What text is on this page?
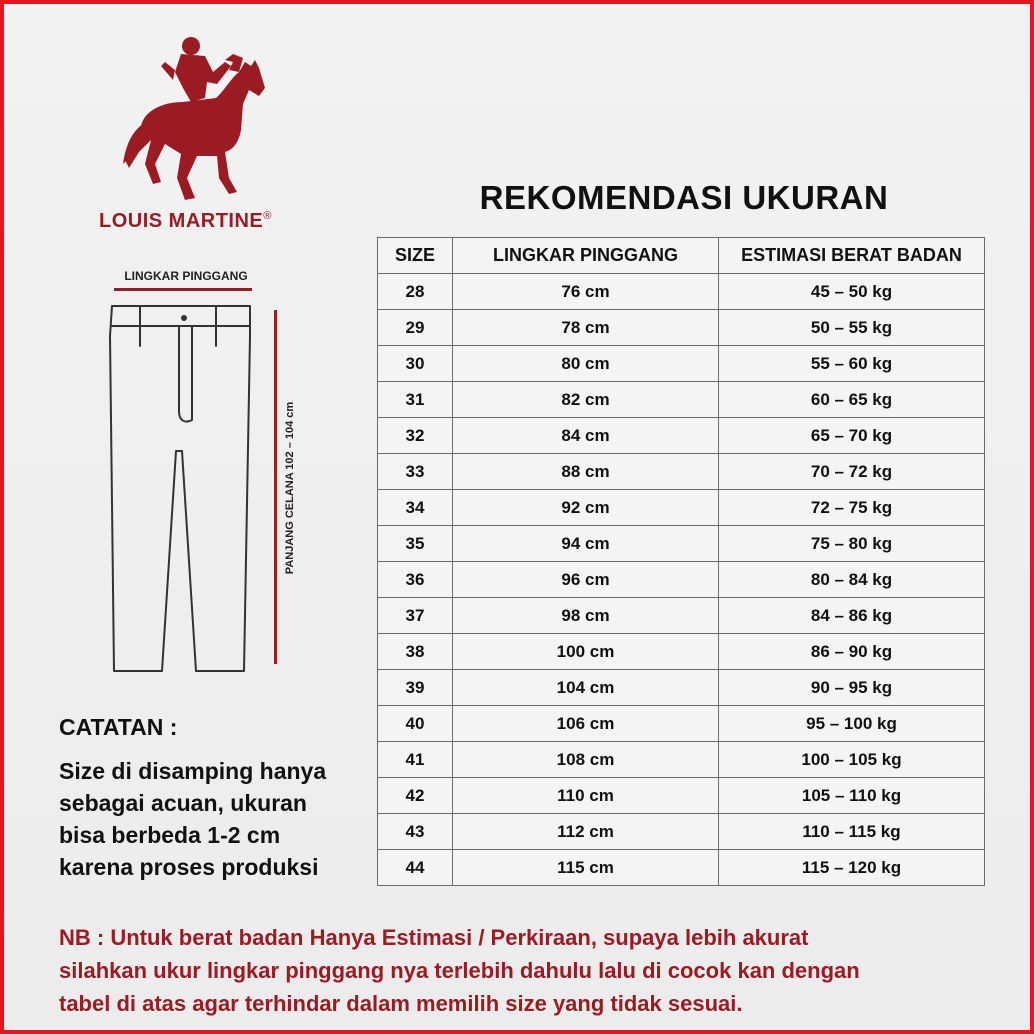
LOUIS MARTINE®
LINGKAR PINGGANG
PANJANG CELANA 102 – 104 cm
REKOMENDASI UKURAN
SIZE	LINGKAR PINGGANG	ESTIMASI BERAT BADAN
28	76 cm	45 – 50 kg
29	78 cm	50 – 55 kg
30	80 cm	55 – 60 kg
31	82 cm	60 – 65 kg
32	84 cm	65 – 70 kg
33	88 cm	70 – 72 kg
34	92 cm	72 – 75 kg
35	94 cm	75 – 80 kg
36	96 cm	80 – 84 kg
37	98 cm	84 – 86 kg
38	100 cm	86 – 90 kg
39	104 cm	90 – 95 kg
40	106 cm	95 – 100 kg
41	108 cm	100 – 105 kg
42	110 cm	105 – 110 kg
43	112 cm	110 – 115 kg
44	115 cm	115 – 120 kg
CATATAN :
Size di disamping hanya
sebagai acuan, ukuran
bisa berbeda 1-2 cm
karena proses produksi
NB : Untuk berat badan Hanya Estimasi / Perkiraan, supaya lebih akurat
silahkan ukur lingkar pinggang nya terlebih dahulu lalu di cocok kan dengan
tabel di atas agar terhindar dalam memilih size yang tidak sesuai.
